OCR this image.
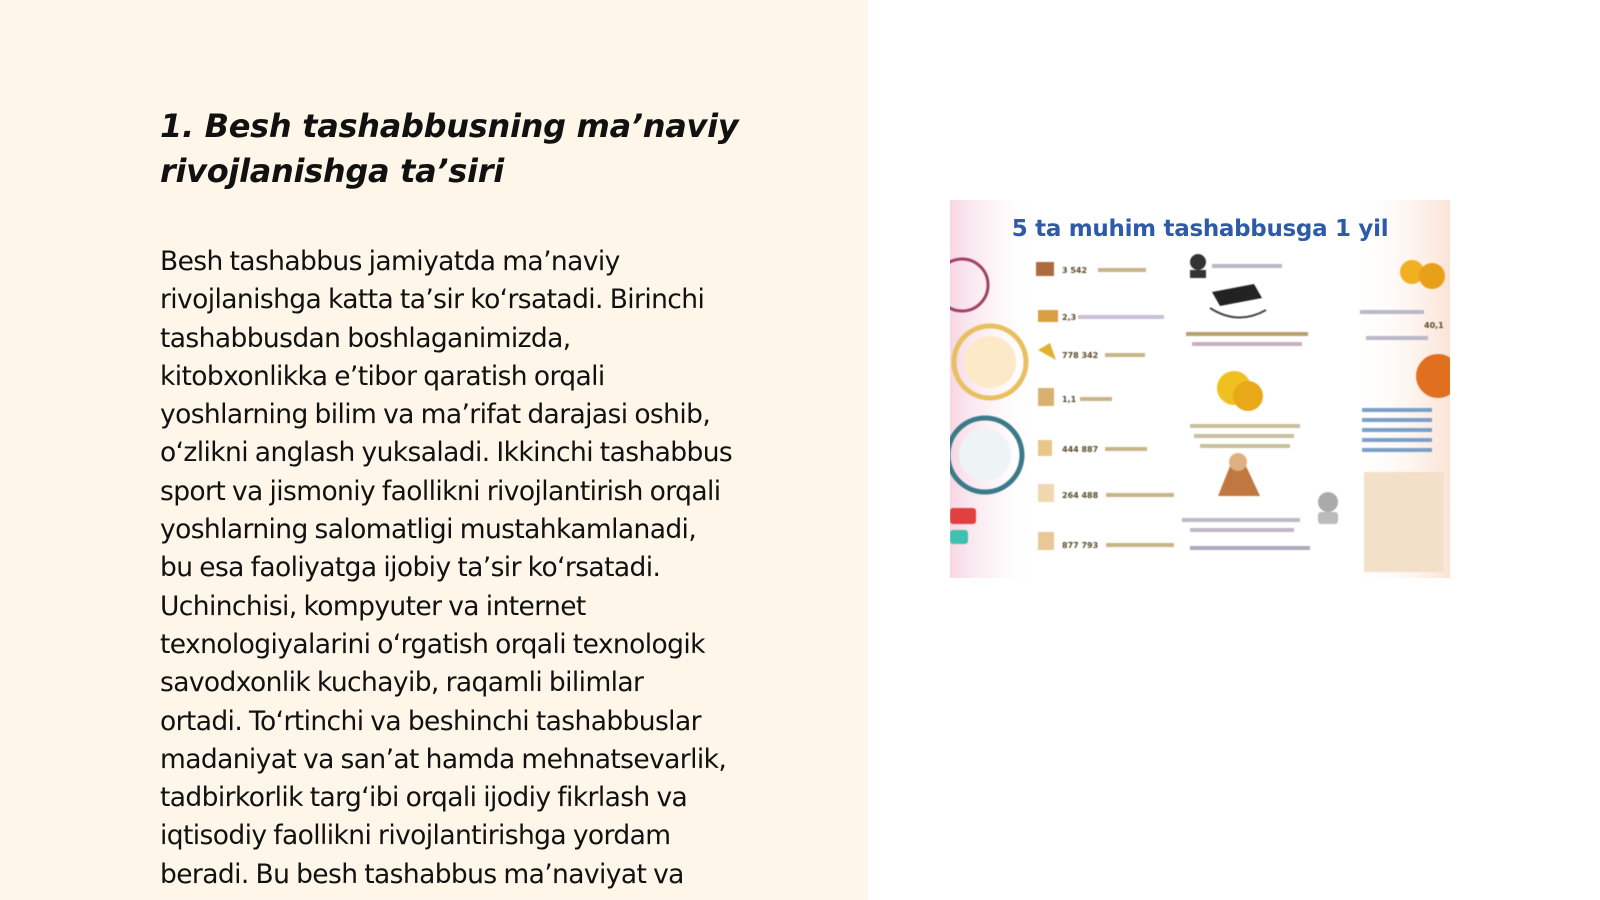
1. Besh tashabbusning ma’naviy
rivojlanishga ta’siri

Besh tashabbus jamiyatda ma’naviy
rivojlanishga katta ta’sir ko‘rsatadi. Birinchi
tashabbusdan boshlaganimizda,
kitobxonlikka e’tibor qaratish orqali
yoshlarning bilim va ma’rifat darajasi oshib,
o‘zlikni anglash yuksaladi. Ikkinchi tashabbus
sport va jismoniy faollikni rivojlantirish orqali
yoshlarning salomatligi mustahkamlanadi,
bu esa faoliyatga ijobiy ta’sir ko‘rsatadi.
Uchinchisi, kompyuter va internet
texnologiyalarini o‘rgatish orqali texnologik
savodxonlik kuchayib, raqamli bilimlar
ortadi. To‘rtinchi va beshinchi tashabbuslar
madaniyat va san’at hamda mehnatsevarlik,
tadbirkorlik targ‘ibi orqali ijodiy fikrlash va
iqtisodiy faollikni rivojlantirishga yordam
beradi. Bu besh tashabbus ma’naviyat va

3 542
2,3
778 342
1,1
444 887
264 488
877 793
40,1
5 ta muhim tashabbusga 1 yil
